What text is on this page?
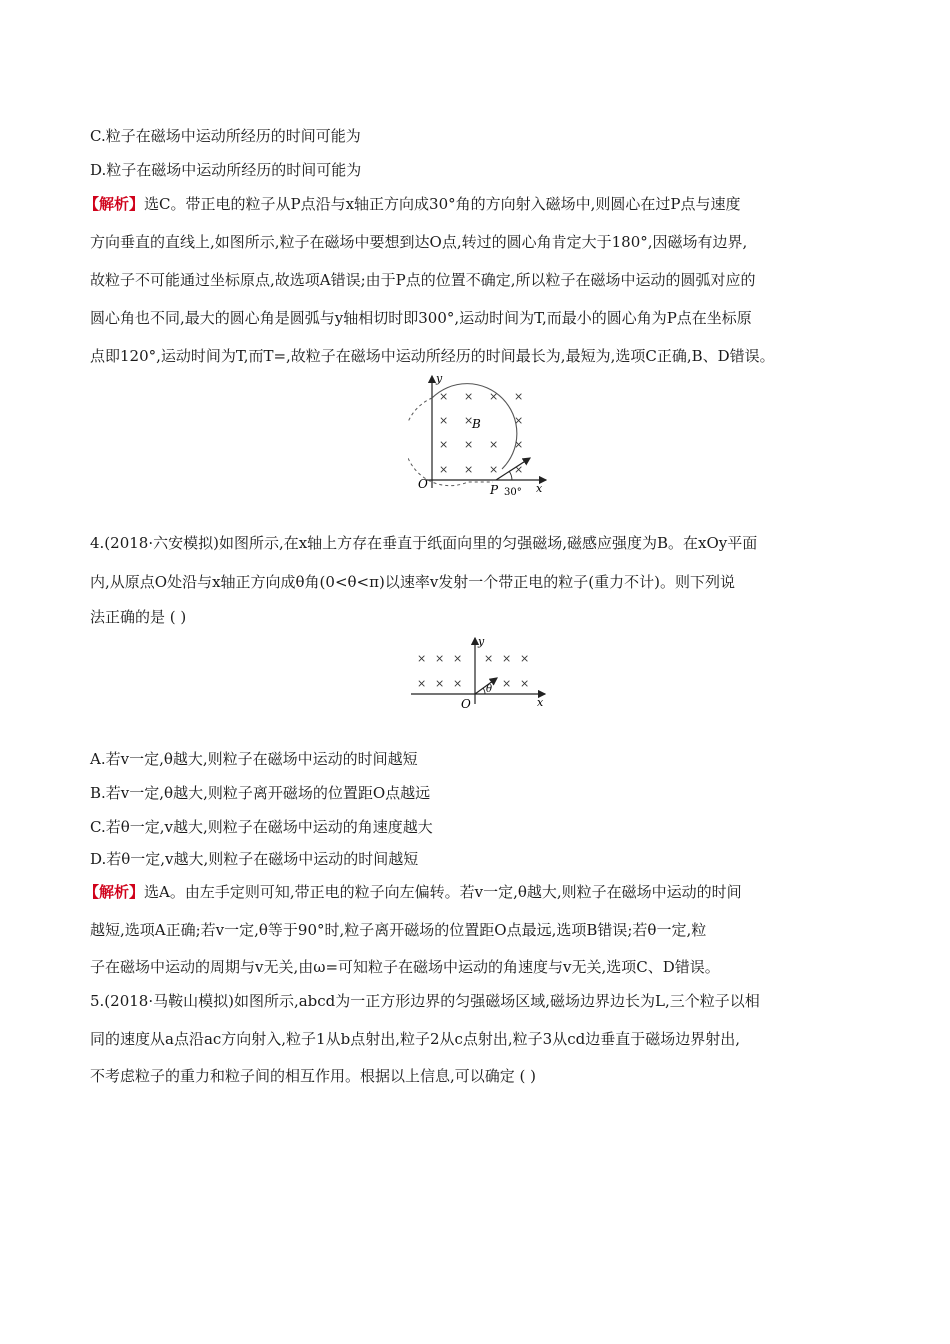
C.粒子在磁场中运动所经历的时间可能为
D.粒子在磁场中运动所经历的时间可能为
【解析】选C。带正电的粒子从P点沿与x轴正方向成30°角的方向射入磁场中,则圆心在过P点与速度
方向垂直的直线上,如图所示,粒子在磁场中要想到达O点,转过的圆心角肯定大于180°,因磁场有边界,
故粒子不可能通过坐标原点,故选项A错误;由于P点的位置不确定,所以粒子在磁场中运动的圆弧对应的
圆心角也不同,最大的圆心角是圆弧与y轴相切时即300°,运动时间为T,而最小的圆心角为P点在坐标原
点即120°,运动时间为T,而T=,故粒子在磁场中运动所经历的时间最长为,最短为,选项C正确,B、D错误。
y
x
O	P 30°
B
× × × ×
× ×	×
× × × ×
× × × ×
4.(2018·六安模拟)如图所示,在x轴上方存在垂直于纸面向里的匀强磁场,磁感应强度为B。在xOy平面
内,从原点O处沿与x轴正方向成θ角(0<θ<π)以速率v发射一个带正电的粒子(重力不计)。则下列说
法正确的是 ( )
y
x
O
θ
× × × × × ×
× × ×	× ×
A.若v一定,θ越大,则粒子在磁场中运动的时间越短
B.若v一定,θ越大,则粒子离开磁场的位置距O点越远
C.若θ一定,v越大,则粒子在磁场中运动的角速度越大
D.若θ一定,v越大,则粒子在磁场中运动的时间越短
【解析】选A。由左手定则可知,带正电的粒子向左偏转。若v一定,θ越大,则粒子在磁场中运动的时间
越短,选项A正确;若v一定,θ等于90°时,粒子离开磁场的位置距O点最远,选项B错误;若θ一定,粒
子在磁场中运动的周期与v无关,由ω=可知粒子在磁场中运动的角速度与v无关,选项C、D错误。
5.(2018·马鞍山模拟)如图所示,abcd为一正方形边界的匀强磁场区域,磁场边界边长为L,三个粒子以相
同的速度从a点沿ac方向射入,粒子1从b点射出,粒子2从c点射出,粒子3从cd边垂直于磁场边界射出,
不考虑粒子的重力和粒子间的相互作用。根据以上信息,可以确定 ( )
